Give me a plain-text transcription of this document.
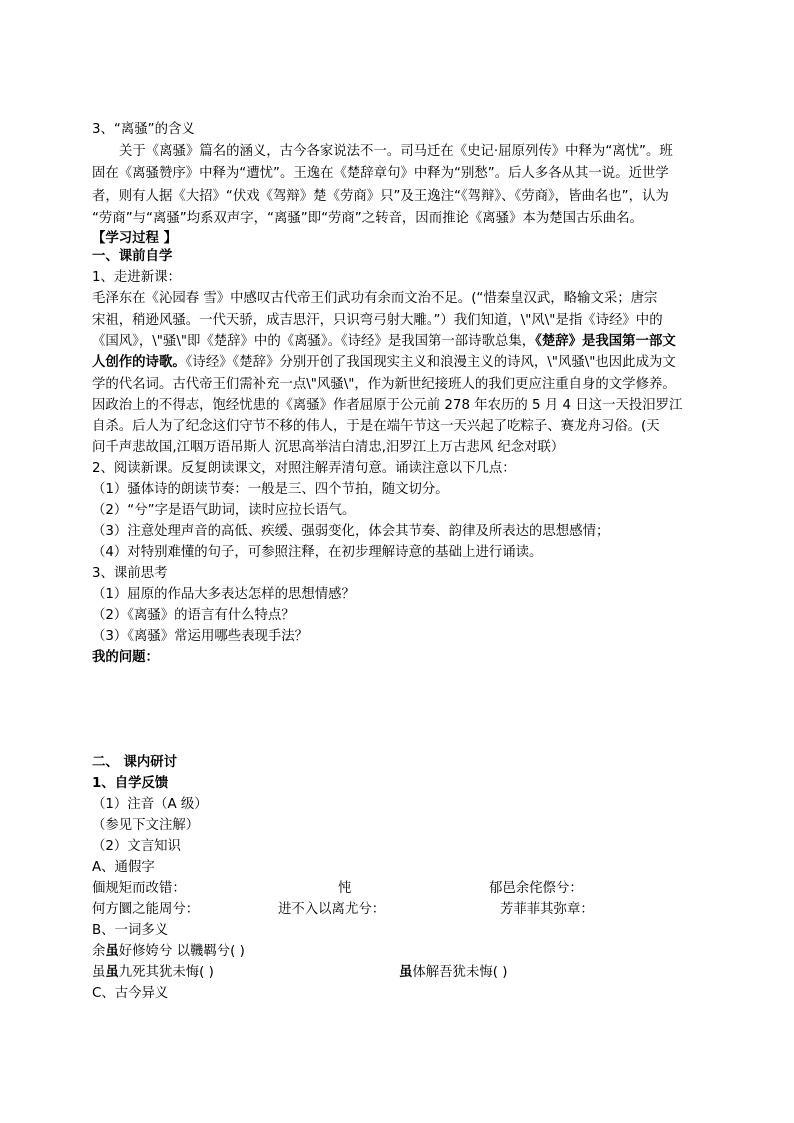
3、“离骚”的含义
关于《离骚》篇名的涵义，古今各家说法不一。司马迁在《史记·屈原列传》中释为“离忧”。班
固在《离骚赞序》中释为“遭忧”。王逸在《楚辞章句》中释为“别愁”。后人多各从其一说。近世学
者，则有人据《大招》“伏戏《驾辩》楚《劳商》只”及王逸注“《驾辩》、《劳商》，皆曲名也”，认为
“劳商”与“离骚”均系双声字，“离骚”即“劳商”之转音，因而推论《离骚》本为楚国古乐曲名。
【学习过程 】
一、课前自学
1、走进新课：
毛泽东在《沁园春 雪》中感叹古代帝王们武功有余而文治不足。(“惜秦皇汉武，略输文采；唐宗
宋祖，稍逊风骚。一代天骄，成吉思汗，只识弯弓射大雕。”）我们知道，\"风\"是指《诗经》中的
《国风》，\"骚\"即《楚辞》中的《离骚》。《诗经》是我国第一部诗歌总集，《楚辞》是我国第一部文
人创作的诗歌。《诗经》《楚辞》分别开创了我国现实主义和浪漫主义的诗风，\"风骚\"也因此成为文
学的代名词。古代帝王们需补充一点\"风骚\"，作为新世纪接班人的我们更应注重自身的文学修养。
因政治上的不得志，饱经忧患的《离骚》作者屈原于公元前 278 年农历的 5 月 4 日这一天投汨罗江
自杀。后人为了纪念这们守节不移的伟人，于是在端午节这一天兴起了吃粽子、赛龙舟习俗。(天
问千声悲故国,江咽万语吊斯人 沉思高举洁白清忠,汨罗江上万古悲风 纪念对联）
2、阅读新课。反复朗读课文，对照注解弄清句意。诵读注意以下几点：
（1）骚体诗的朗读节奏：一般是三、四个节拍，随文切分。
（2）“兮”字是语气助词，读时应拉长语气。
（3）注意处理声音的高低、疾缓、强弱变化，体会其节奏、韵律及所表达的思想感情；
（4）对特别难懂的句子，可参照注释，在初步理解诗意的基础上进行诵读。
3、课前思考
（1）屈原的作品大多表达怎样的思想情感？
（2）《离骚》的语言有什么特点？
（3）《离骚》常运用哪些表现手法？
我的问题：
二、 课内研讨
1、自学反馈
（1）注音（A 级）
（参见下文注解）
（2）文言知识
A、通假字
偭规矩而改错：	忳	郁邑余侘傺兮：
何方圜之能周兮：	进不入以离尤兮：	芳菲菲其弥章：
B、一词多义
余虽好修姱兮 以鞿羁兮( )
虽虽九死其犹未悔( )	虽体解吾犹未悔( )
C、古今异义
